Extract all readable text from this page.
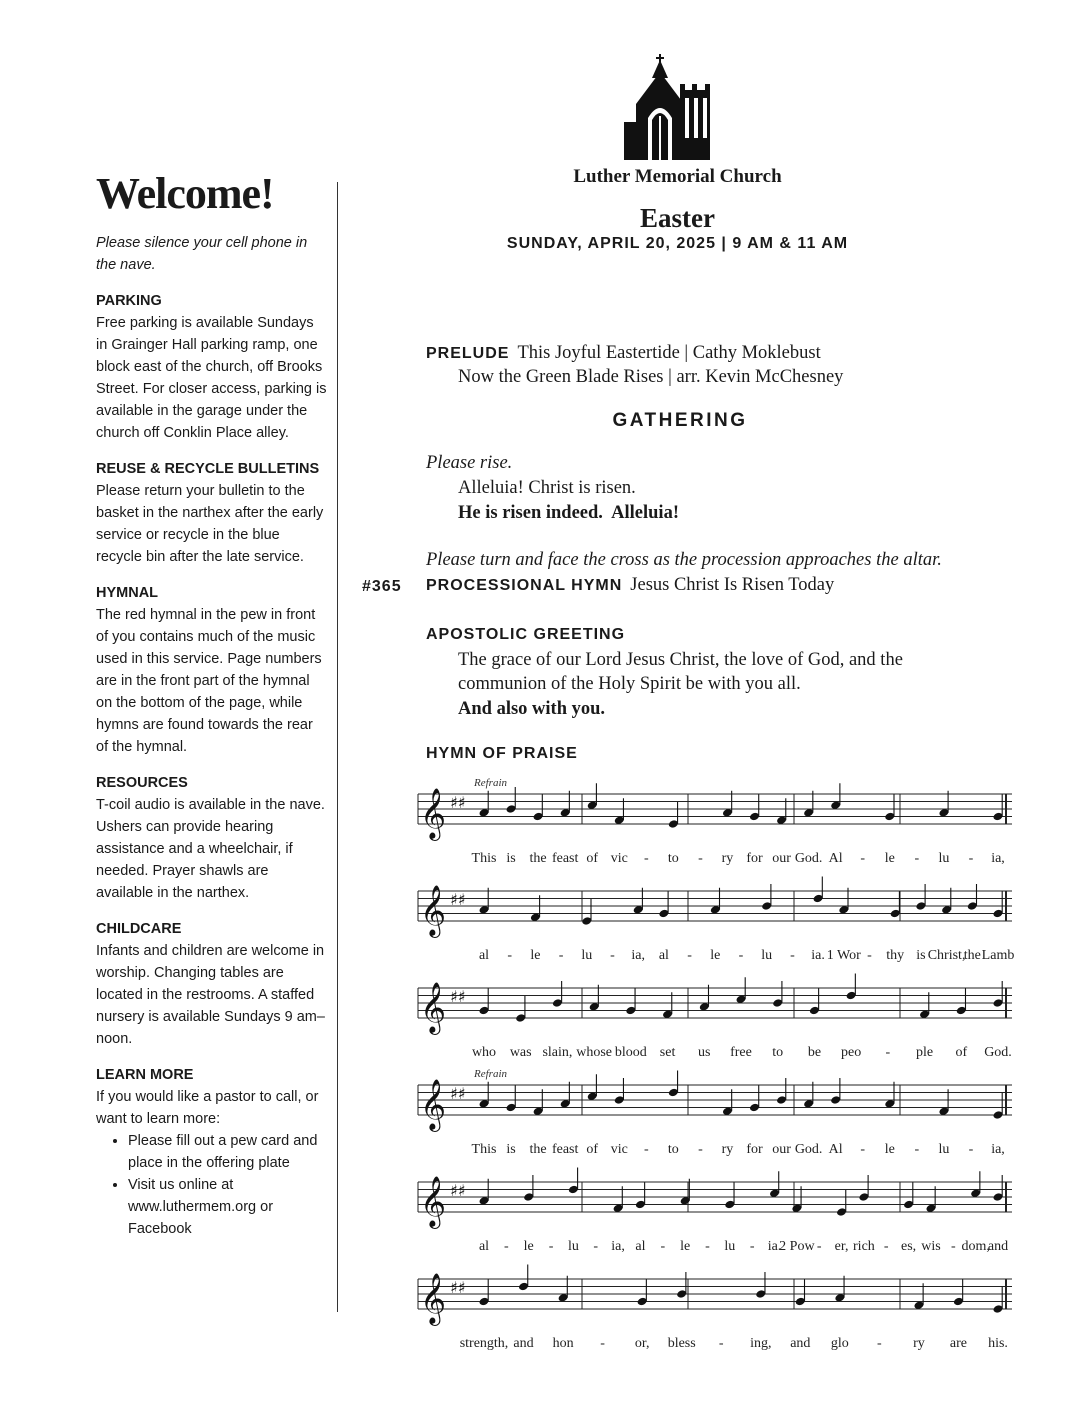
Welcome!
Please silence your cell phone in the nave.
PARKING
Free parking is available Sundays in Grainger Hall parking ramp, one block east of the church, off Brooks Street. For closer access, parking is available in the garage under the church off Conklin Place alley.
REUSE & RECYCLE BULLETINS
Please return your bulletin to the basket in the narthex after the early service or recycle in the blue recycle bin after the late service.
HYMNAL
The red hymnal in the pew in front of you contains much of the music used in this service. Page numbers are in the front part of the hymnal on the bottom of the page, while hymns are found towards the rear of the hymnal.
RESOURCES
T-coil audio is available in the nave. Ushers can provide hearing assistance and a wheelchair, if needed. Prayer shawls are available in the narthex.
CHILDCARE
Infants and children are welcome in worship. Changing tables are located in the restrooms. A staffed nursery is available Sundays 9 am–noon.
LEARN MORE
If you would like a pastor to call, or want to learn more:
• Please fill out a pew card and place in the offering plate
• Visit us online at www.luthermem.org or Facebook
Luther Memorial Church
Easter
SUNDAY, APRIL 20, 2025 | 9 AM & 11 AM
PRELUDE This Joyful Eastertide | Cathy Moklebust
Now the Green Blade Rises | arr. Kevin McChesney
GATHERING
Please rise.
Alleluia! Christ is risen.
He is risen indeed.  Alleluia!
Please turn and face the cross as the procession approaches the altar.
#365 PROCESSIONAL HYMN Jesus Christ Is Risen Today
APOSTOLIC GREETING
The grace of our Lord Jesus Christ, the love of God, and the
communion of the Holy Spirit be with you all.
And also with you.
HYMN OF PRAISE
Refrain
𝄞 ♯♯
This is the feast of vic - to - ry for our God. Al - le - lu - ia,
𝄞 ♯♯
al - le - lu - ia, al - le - lu - ia. 1 Wor - thy is Christ,
the Lamb
𝄞 ♯♯
who was slain, whose blood set us free to be peo - ple of God.
Refrain
𝄞 ♯♯
This is the feast of vic - to - ry for our God. Al - le - lu - ia,
𝄞 ♯♯
al - le - lu - ia, al - le - lu - ia.
2 Pow - er, rich - es, wis - dom,
and
𝄞 ♯♯
strength, and hon - or, bless - ing, and glo - ry are his.
